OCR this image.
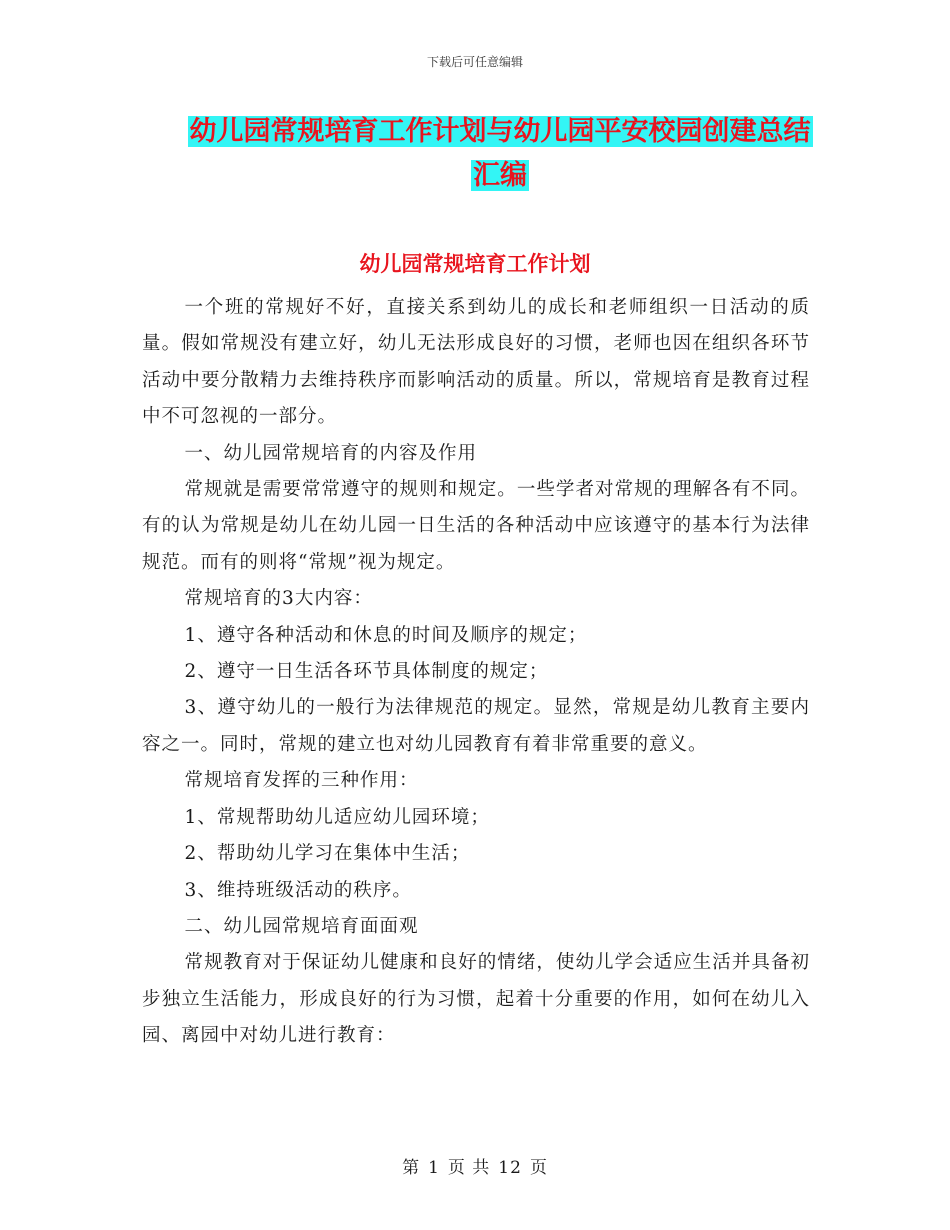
下载后可任意编辑
幼儿园常规培育工作计划与幼儿园平安校园创建总结
汇编
幼儿园常规培育工作计划

一个班的常规好不好，直接关系到幼儿的成长和老师组织一日活动的质量。假如常规没有建立好，幼儿无法形成良好的习惯，老师也因在组织各环节活动中要分散精力去维持秩序而影响活动的质量。所以，常规培育是教育过程中不可忽视的一部分。

一、幼儿园常规培育的内容及作用

常规就是需要常常遵守的规则和规定。一些学者对常规的理解各有不同。有的认为常规是幼儿在幼儿园一日生活的各种活动中应该遵守的基本行为法律规范。而有的则将“常规”视为规定。

常规培育的3大内容：

1、遵守各种活动和休息的时间及顺序的规定；

2、遵守一日生活各环节具体制度的规定；

3、遵守幼儿的一般行为法律规范的规定。显然，常规是幼儿教育主要内容之一。同时，常规的建立也对幼儿园教育有着非常重要的意义。

常规培育发挥的三种作用：

1、常规帮助幼儿适应幼儿园环境；

2、帮助幼儿学习在集体中生活；

3、维持班级活动的秩序。

二、幼儿园常规培育面面观

常规教育对于保证幼儿健康和良好的情绪，使幼儿学会适应生活并具备初步独立生活能力，形成良好的行为习惯，起着十分重要的作用，如何在幼儿入园、离园中对幼儿进行教育：

第 1 页 共 12 页
